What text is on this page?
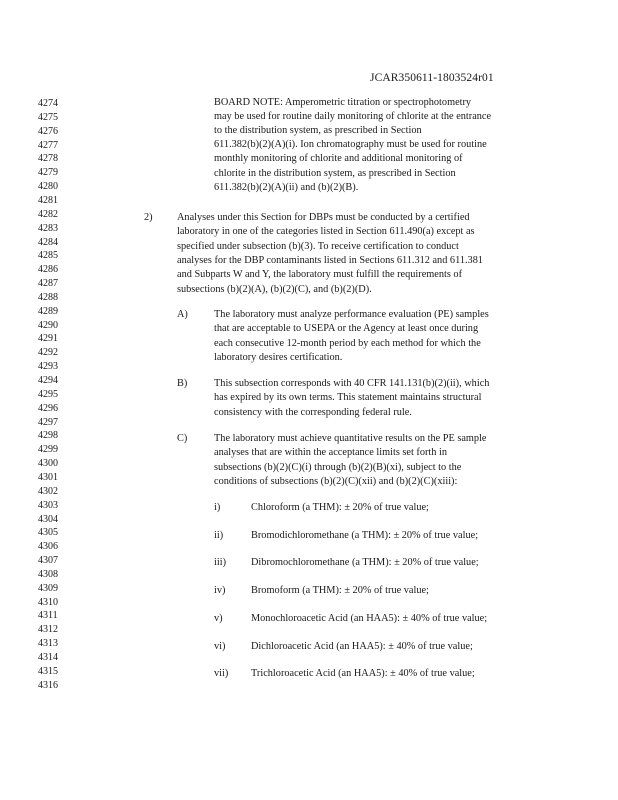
JCAR350611-1803524r01
4274
4275
4276
4277
4278
4279
4280
4281
4282
4283
4284
4285
4286
4287
4288
4289
4290
4291
4292
4293
4294
4295
4296
4297
4298
4299
4300
4301
4302
4303
4304
4305
4306
4307
4308
4309
4310
4311
4312
4313
4314
4315
4316
BOARD NOTE: Amperometric titration or spectrophotometry
may be used for routine daily monitoring of chlorite at the entrance
to the distribution system, as prescribed in Section
611.382(b)(2)(A)(i). Ion chromatography must be used for routine
monthly monitoring of chlorite and additional monitoring of
chlorite in the distribution system, as prescribed in Section
611.382(b)(2)(A)(ii) and (b)(2)(B).
2) Analyses under this Section for DBPs must be conducted by a certified
laboratory in one of the categories listed in Section 611.490(a) except as
specified under subsection (b)(3). To receive certification to conduct
analyses for the DBP contaminants listed in Sections 611.312 and 611.381
and Subparts W and Y, the laboratory must fulfill the requirements of
subsections (b)(2)(A), (b)(2)(C), and (b)(2)(D).
A)	The laboratory must analyze performance evaluation (PE) samples
that are acceptable to USEPA or the Agency at least once during
each consecutive 12-month period by each method for which the
laboratory desires certification.
B)	This subsection corresponds with 40 CFR 141.131(b)(2)(ii), which
has expired by its own terms. This statement maintains structural
consistency with the corresponding federal rule.
C)	The laboratory must achieve quantitative results on the PE sample
analyses that are within the acceptance limits set forth in
subsections (b)(2)(C)(i) through (b)(2)(B)(xi), subject to the
conditions of subsections (b)(2)(C)(xii) and (b)(2)(C)(xiii):
i)	Chloroform (a THM): ± 20% of true value;
ii)	Bromodichloromethane (a THM): ± 20% of true value;
iii) Dibromochloromethane (a THM): ± 20% of true value;
iv) Bromoform (a THM): ± 20% of true value;
v)	Monochloroacetic Acid (an HAA5): ± 40% of true value;
vi) Dichloroacetic Acid (an HAA5): ± 40% of true value;
vii) Trichloroacetic Acid (an HAA5): ± 40% of true value;
